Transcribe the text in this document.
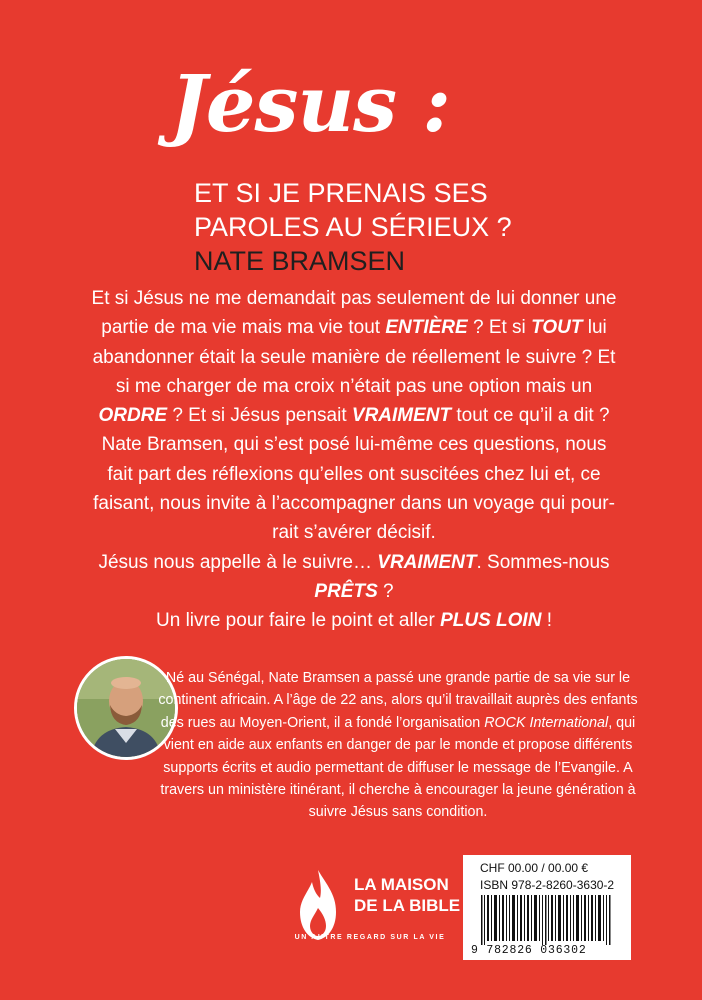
Jésus :
ET SI JE PRENAIS SES PAROLES AU SÉRIEUX ? NATE BRAMSEN

Et si Jésus ne me demandait pas seulement de lui donner une partie de ma vie mais ma vie tout ENTIÈRE ? Et si TOUT lui abandonner était la seule manière de réellement le suivre ? Et si me charger de ma croix n’était pas une option mais un ORDRE ? Et si Jésus pensait VRAIMENT tout ce qu’il a dit ? Nate Bramsen, qui s’est posé lui-même ces questions, nous fait part des réflexions qu’elles ont suscitées chez lui et, ce faisant, nous invite à l’accompagner dans un voyage qui pourrait s’avérer décisif.

Jésus nous appelle à le suivre… VRAIMENT. Sommes-nous PRÊTS ?

Un livre pour faire le point et aller PLUS LOIN !

Né au Sénégal, Nate Bramsen a passé une grande partie de sa vie sur le continent africain. A l’âge de 22 ans, alors qu’il travaillait auprès des enfants des rues au Moyen-Orient, il a fondé l’organisation ROCK International, qui vient en aide aux enfants en danger de par le monde et propose différents supports écrits et audio permettant de diffuser le message de l’Evangile. A travers un ministère itinérant, il cherche à encourager la jeune génération à suivre Jésus sans condition.
LA MAISON
DE LA BIBLE
UN AUTRE REGARD SUR LA VIE
CHF 00.00 / 00.00 €
ISBN 978-2-8260-3630-2
9 782826 036302
